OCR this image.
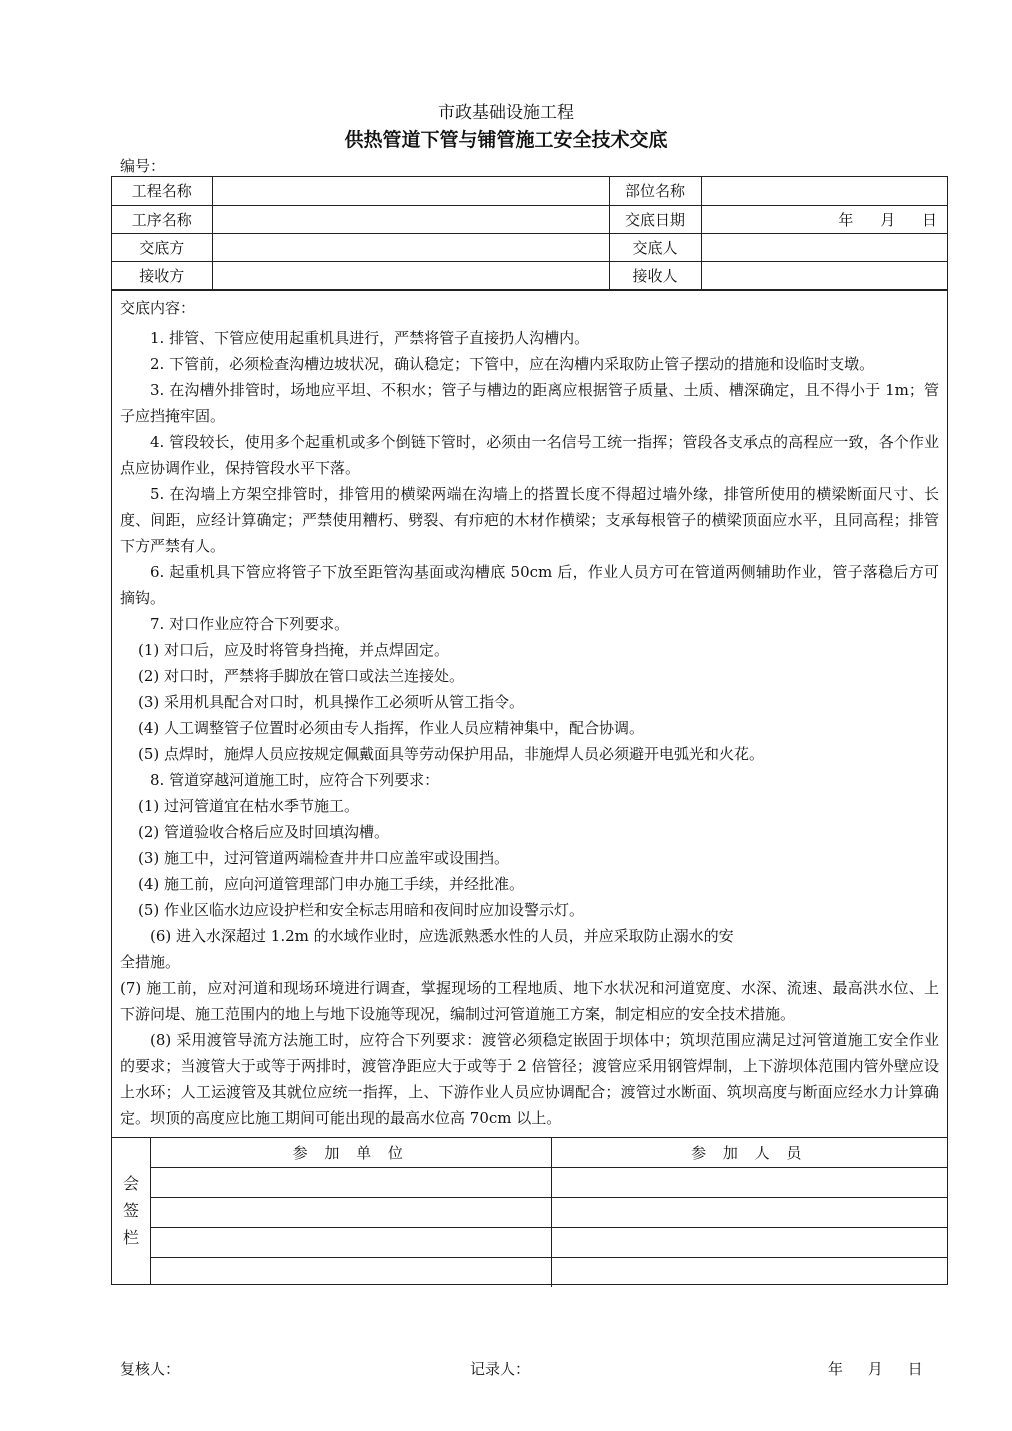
市政基础设施工程
供热管道下管与铺管施工安全技术交底
编号：
工程名称		部位名称	
工序名称		交底日期	年 月 日
交底方		交底人	
接收方		接收人	
交底内容：

1. 排管、下管应使用起重机具进行，严禁将管子直接扔人沟槽内。

2. 下管前，必须检查沟槽边坡状况，确认稳定；下管中，应在沟槽内采取防止管子摆动的措施和设临时支墩。

3. 在沟槽外排管时，场地应平坦、不积水；管子与槽边的距离应根据管子质量、土质、槽深确定，且不得小于 1m；管子应挡掩牢固。

4. 管段较长，使用多个起重机或多个倒链下管时，必须由一名信号工统一指挥；管段各支承点的高程应一致，各个作业点应协调作业，保持管段水平下落。

5. 在沟墙上方架空排管时，排管用的横梁两端在沟墙上的搭置长度不得超过墙外缘，排管所使用的横梁断面尺寸、长度、间距，应经计算确定；严禁使用糟朽、劈裂、有疖疤的木材作横梁；支承每根管子的横梁顶面应水平，且同高程；排管下方严禁有人。

6. 起重机具下管应将管子下放至距管沟基面或沟槽底 50cm 后，作业人员方可在管道两侧辅助作业，管子落稳后方可摘钩。

7. 对口作业应符合下列要求。

(1) 对口后，应及时将管身挡掩，并点焊固定。

(2) 对口时，严禁将手脚放在管口或法兰连接处。

(3) 采用机具配合对口时，机具操作工必须听从管工指令。

(4) 人工调整管子位置时必须由专人指挥，作业人员应精神集中，配合协调。

(5) 点焊时，施焊人员应按规定佩戴面具等劳动保护用品，非施焊人员必须避开电弧光和火花。

8. 管道穿越河道施工时，应符合下列要求：

(1) 过河管道宜在枯水季节施工。

(2) 管道验收合格后应及时回填沟槽。

(3) 施工中，过河管道两端检查井井口应盖牢或设围挡。

(4) 施工前，应向河道管理部门申办施工手续，并经批准。

(5) 作业区临水边应设护栏和安全标志用暗和夜间时应加设警示灯。

(6) 进入水深超过 1.2m 的水域作业时，应选派熟悉水性的人员，并应采取防止溺水的安

全措施。

(7) 施工前，应对河道和现场环境进行调查，掌握现场的工程地质、地下水状况和河道宽度、水深、流速、最高洪水位、上下游问堤、施工范围内的地上与地下设施等现况，编制过河管道施工方案，制定相应的安全技术措施。

(8) 采用渡管导流方法施工时，应符合下列要求：渡管必须稳定嵌固于坝体中；筑坝范围应满足过河管道施工安全作业的要求；当渡管大于或等于两排时，渡管净距应大于或等于 2 倍管径；渡管应采用钢管焊制，上下游坝体范围内管外壁应设上水环；人工运渡管及其就位应统一指挥，上、下游作业人员应协调配合；渡管过水断面、筑坝高度与断面应经水力计算确定。坝顶的高度应比施工期间可能出现的最高水位高 70cm 以上。

会
签
栏
参 加 单 位	参 加 人 员

复核人：	记录人：	年 月 日
